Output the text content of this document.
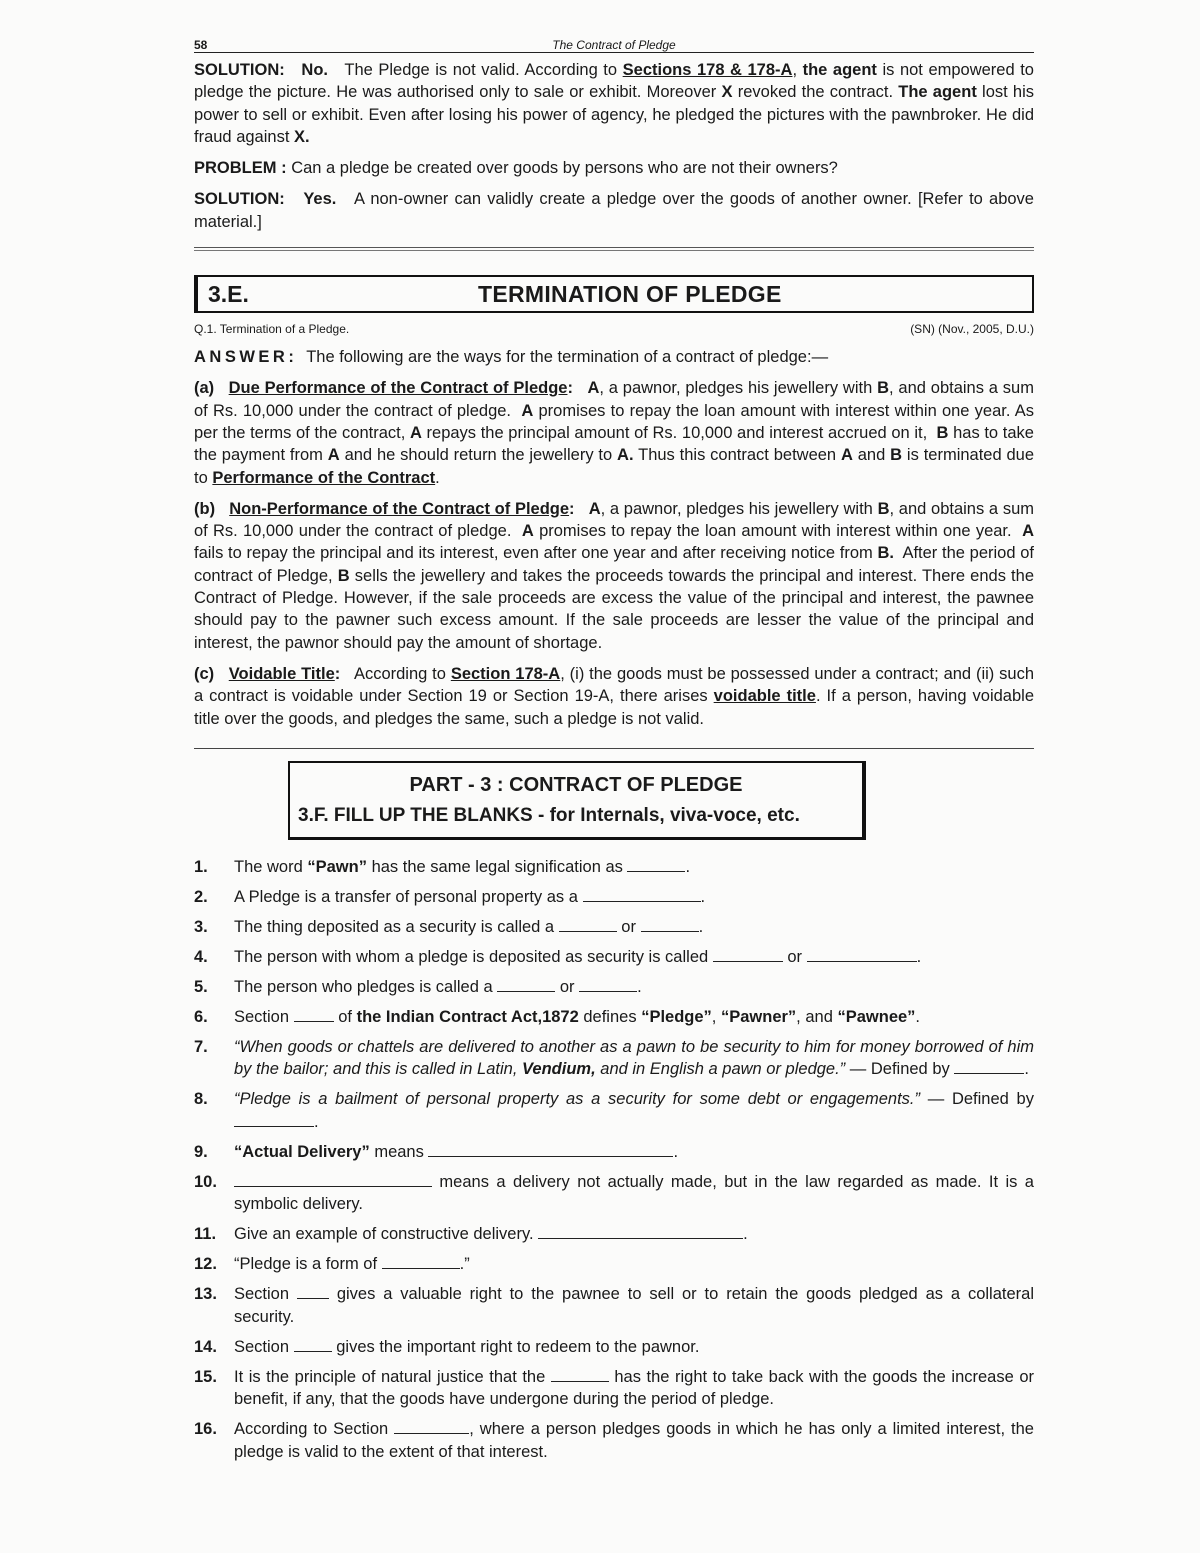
58	The Contract of Pledge

SOLUTION: No. The Pledge is not valid. According to Sections 178 & 178-A, the agent is not empowered to pledge the picture. He was authorised only to sale or exhibit. Moreover X revoked the contract. The agent lost his power to sell or exhibit. Even after losing his power of agency, he pledged the pictures with the pawnbroker. He did fraud against X.

PROBLEM : Can a pledge be created over goods by persons who are not their owners?

SOLUTION: Yes. A non-owner can validly create a pledge over the goods of another owner. [Refer to above material.]

3.E.	TERMINATION OF PLEDGE
Q.1. Termination of a Pledge.	(SN) (Nov., 2005, D.U.)

ANSWER: The following are the ways for the termination of a contract of pledge:—

(a) Due Performance of the Contract of Pledge: A, a pawnor, pledges his jewellery with B, and obtains a sum of Rs. 10,000 under the contract of pledge. A promises to repay the loan amount with interest within one year. As per the terms of the contract, A repays the principal amount of Rs. 10,000 and interest accrued on it, B has to take the payment from A and he should return the jewellery to A. Thus this contract between A and B is terminated due to Performance of the Contract.

(b) Non-Performance of the Contract of Pledge: A, a pawnor, pledges his jewellery with B, and obtains a sum of Rs. 10,000 under the contract of pledge. A promises to repay the loan amount with interest within one year. A fails to repay the principal and its interest, even after one year and after receiving notice from B. After the period of contract of Pledge, B sells the jewellery and takes the proceeds towards the principal and interest. There ends the Contract of Pledge. However, if the sale proceeds are excess the value of the principal and interest, the pawnee should pay to the pawner such excess amount. If the sale proceeds are lesser the value of the principal and interest, the pawnor should pay the amount of shortage.

(c) Voidable Title: According to Section 178-A, (i) the goods must be possessed under a contract; and (ii) such a contract is voidable under Section 19 or Section 19-A, there arises voidable title. If a person, having voidable title over the goods, and pledges the same, such a pledge is not valid.

PART - 3 : CONTRACT OF PLEDGE
3.F. FILL UP THE BLANKS - for Internals, viva-voce, etc.
1.	The word “Pawn” has the same legal signification as	.
2.	A Pledge is a transfer of personal property as a	.
3.	The thing deposited as a security is called a	or	.
4.	The person with whom a pledge is deposited as security is called	or	.
5.	The person who pledges is called a	or	.
6.	Section	of the Indian Contract Act,1872 defines “Pledge”, “Pawner”, and “Pawnee”.
7.	“When goods or chattels are delivered to another as a pawn to be security to him for money borrowed of him by the bailor; and this is called in Latin, Vendium, and in English a pawn or pledge.” — Defined by	.
8.	“Pledge is a bailment of personal property as a security for some debt or engagements.” — Defined by .
9.	“Actual Delivery” means	.
10.	means a delivery not actually made, but in the law regarded as made. It is a symbolic delivery.
11.	Give an example of constructive delivery.	.
12.	“Pledge is a form of	.”
13.	Section	gives a valuable right to the pawnee to sell or to retain the goods pledged as a collateral security.
14.	Section	gives the important right to redeem to the pawnor.
15.	It is the principle of natural justice that the	has the right to take back with the goods the increase or benefit, if any, that the goods have undergone during the period of pledge.
16.	According to Section	, where a person pledges goods in which he has only a limited interest, the pledge is valid to the extent of that interest.
